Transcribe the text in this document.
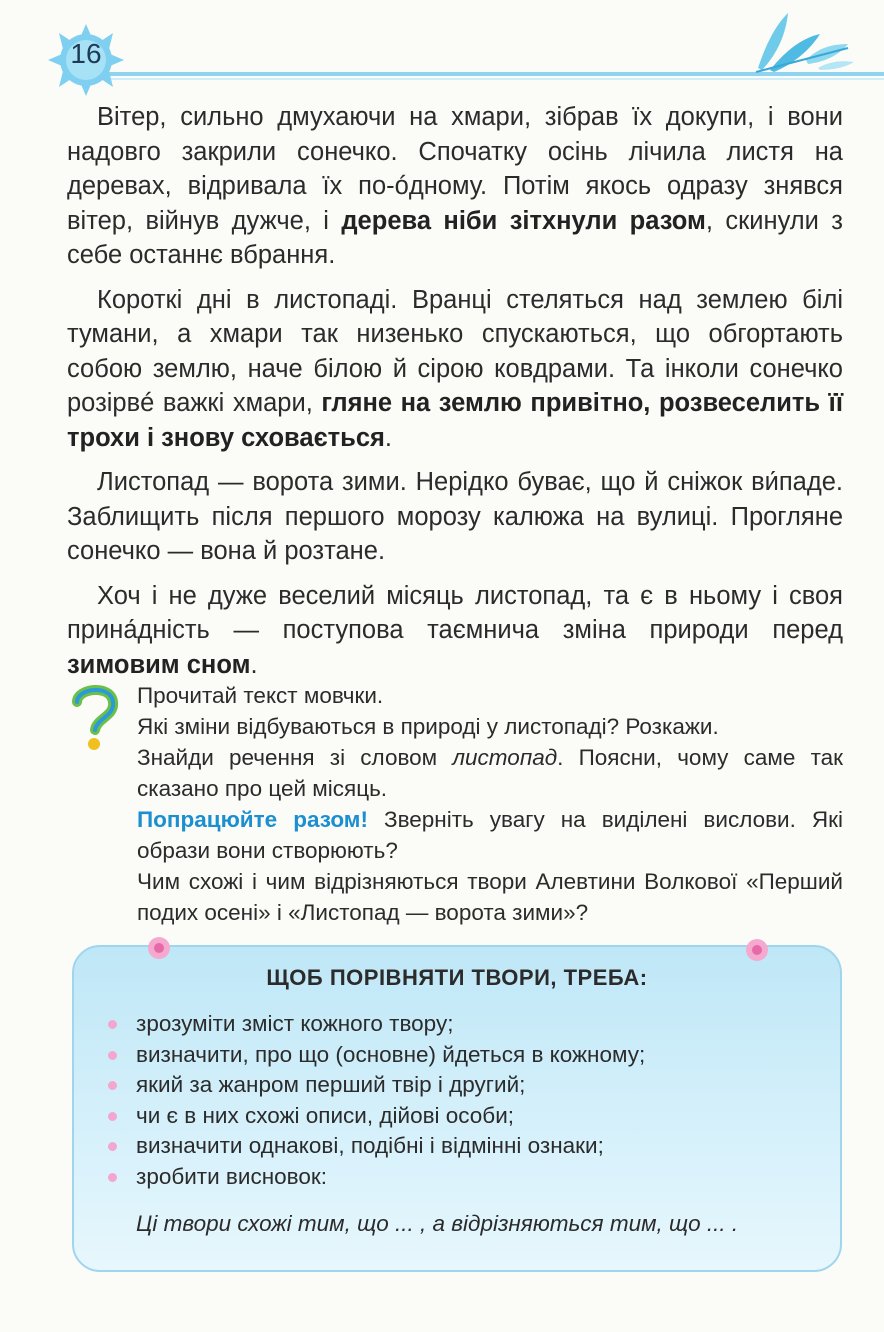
16

Вітер, сильно дмухаючи на хмари, зібрав їх докупи, і вони надовго закрили сонечко. Спочатку осінь лічила листя на деревах, відривала їх по-óдному. Потім якось одразу знявся вітер, війнув дужче, і дерева ніби зітхнули разом, скинули з себе останнє вбрання.

Короткі дні в листопаді. Вранці стеляться над землею білі тумани, а хмари так низенько спускаються, що обгортають собою землю, наче білою й сірою ковдрами. Та інколи сонечко розірвé важкі хмари, гляне на землю привітно, розвеселить її трохи і знову сховається.

Листопад — ворота зими. Нерідко буває, що й сніжок ви́паде. Заблищить після першого морозу калюжа на вулиці. Прогляне сонечко — вона й розтане.

Хоч і не дуже веселий місяць листопад, та є в ньому і своя прина́дність — поступова таємнича зміна природи перед зимовим сном.

Прочитай текст мовчки.
Які зміни відбуваються в природі у листопаді? Розкажи.
Знайди речення зі словом листопад. Поясни, чому саме так сказано про цей місяць.
Попрацюйте разом! Зверніть увагу на виділені вислови. Які образи вони створюють?
Чим схожі і чим відрізняються твори Алевтини Волкової «Перший подих осені» і «Листопад — ворота зими»?
ЩОБ ПОРІВНЯТИ ТВОРИ, ТРЕБА:
зрозуміти зміст кожного твору;
визначити, про що (основне) йдеться в кожному;
який за жанром перший твір і другий;
чи є в них схожі описи, дійові особи;
визначити однакові, подібні і відмінні ознаки;
зробити висновок:
Ці твори схожі тим, що ... , а відрізняються тим, що ... .
